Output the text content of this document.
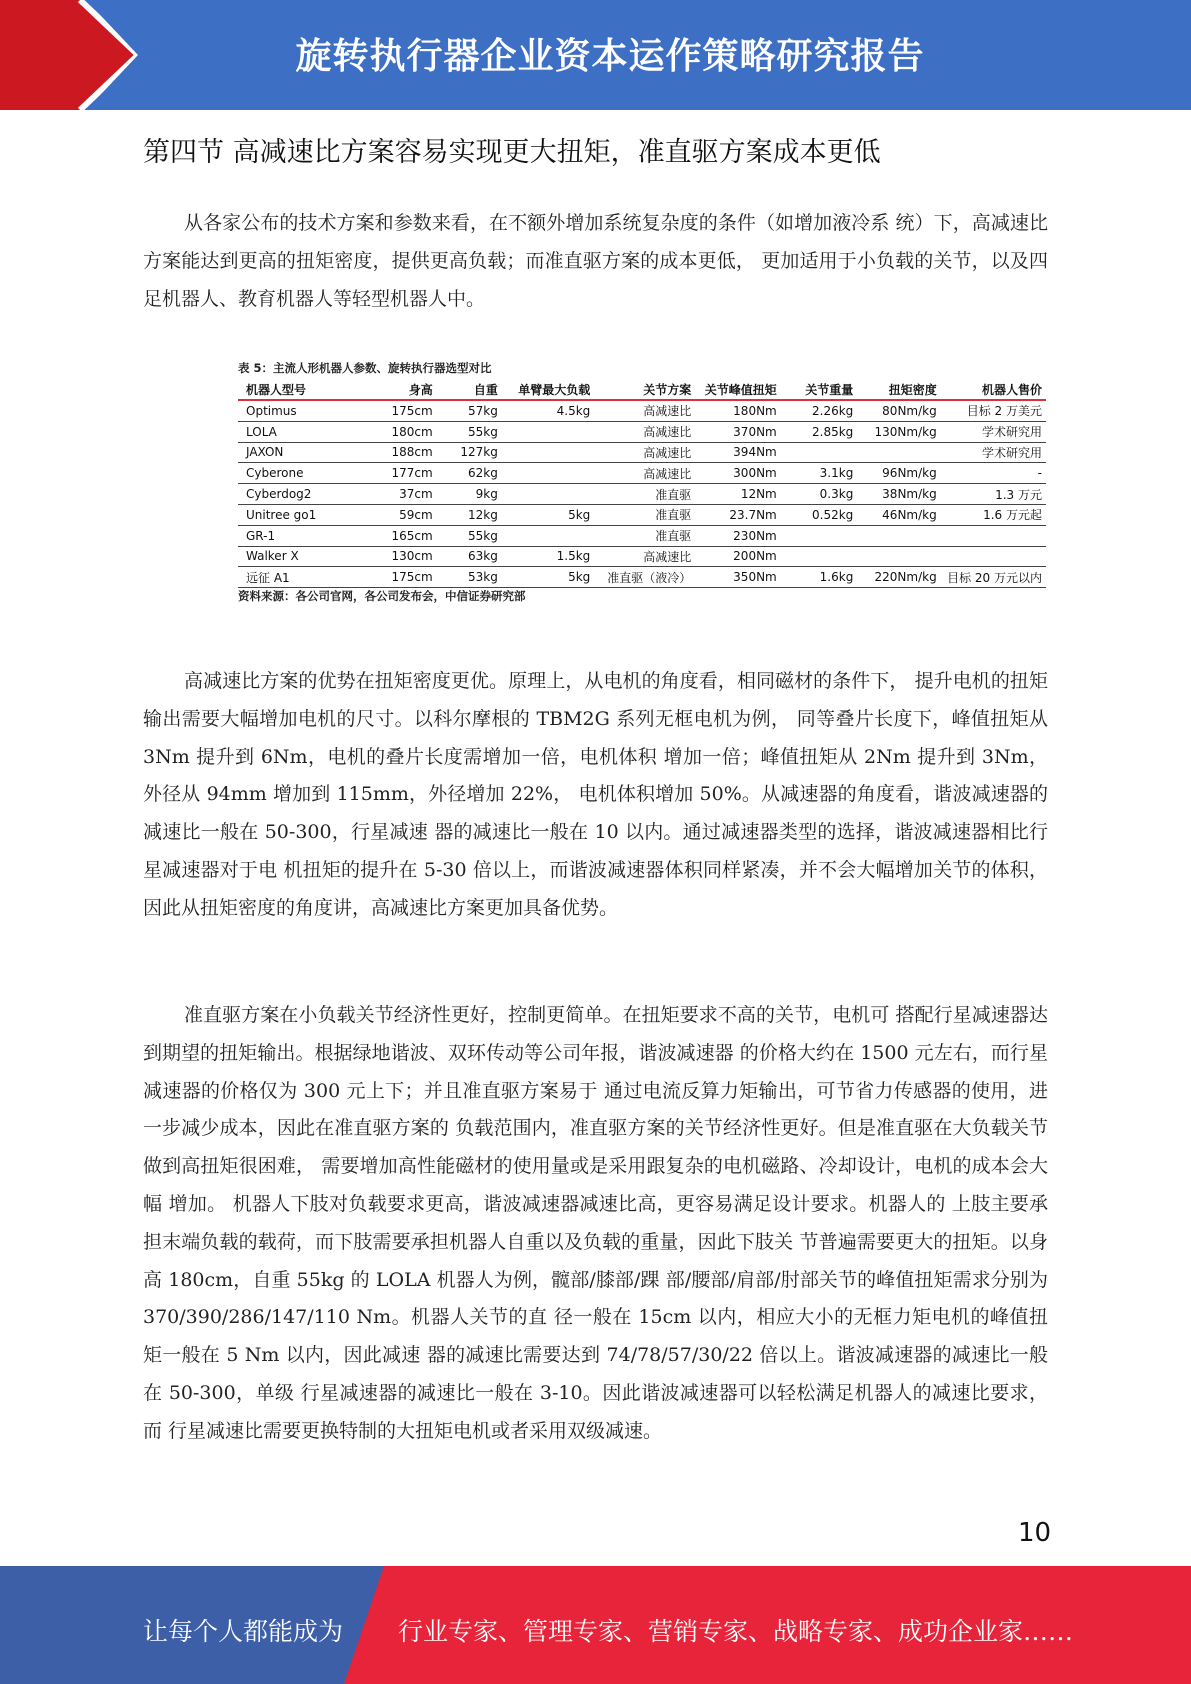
旋转执行器企业资本运作策略研究报告
第四节 高减速比方案容易实现更大扭矩，准直驱方案成本更低

从各家公布的技术方案和参数来看，在不额外增加系统复杂度的条件（如增加液冷系 统）下，高减速比方案能达到更高的扭矩密度，提供更高负载；而准直驱方案的成本更低， 更加适用于小负载的关节，以及四足机器人、教育机器人等轻型机器人中。

表 5：主流人形机器人参数、旋转执行器选型对比
机器人型号	身高	自重	单臂最大负载	关节方案	关节峰值扭矩	关节重量	扭矩密度	机器人售价
Optimus	175cm	57kg	4.5kg	高减速比	180Nm	2.26kg	80Nm/kg	目标 2 万美元
LOLA	180cm	55kg		高减速比	370Nm	2.85kg	130Nm/kg	学术研究用
JAXON	188cm	127kg		高减速比	394Nm			学术研究用
Cyberone	177cm	62kg		高减速比	300Nm	3.1kg	96Nm/kg	-
Cyberdog2	37cm	9kg		准直驱	12Nm	0.3kg	38Nm/kg	1.3 万元
Unitree go1	59cm	12kg	5kg	准直驱	23.7Nm	0.52kg	46Nm/kg	1.6 万元起
GR-1	165cm	55kg		准直驱	230Nm			
Walker X	130cm	63kg	1.5kg	高减速比	200Nm			
远征 A1	175cm	53kg	5kg	准直驱（液冷）	350Nm	1.6kg	220Nm/kg	目标 20 万元以内
资料来源：各公司官网，各公司发布会，中信证券研究部

高减速比方案的优势在扭矩密度更优。原理上，从电机的角度看，相同磁材的条件下， 提升电机的扭矩输出需要大幅增加电机的尺寸。以科尔摩根的 TBM2G 系列无框电机为例， 同等叠片长度下，峰值扭矩从 3Nm 提升到 6Nm，电机的叠片长度需增加一倍，电机体积 增加一倍；峰值扭矩从 2Nm 提升到 3Nm，外径从 94mm 增加到 115mm，外径增加 22%， 电机体积增加 50%。从减速器的角度看，谐波减速器的减速比一般在 50-300，行星减速 器的减速比一般在 10 以内。通过减速器类型的选择，谐波减速器相比行星减速器对于电 机扭矩的提升在 5-30 倍以上，而谐波减速器体积同样紧凑，并不会大幅增加关节的体积， 因此从扭矩密度的角度讲，高减速比方案更加具备优势。

准直驱方案在小负载关节经济性更好，控制更简单。在扭矩要求不高的关节，电机可 搭配行星减速器达到期望的扭矩输出。根据绿地谐波、双环传动等公司年报，谐波减速器 的价格大约在 1500 元左右，而行星减速器的价格仅为 300 元上下；并且准直驱方案易于 通过电流反算力矩输出，可节省力传感器的使用，进一步减少成本，因此在准直驱方案的 负载范围内，准直驱方案的关节经济性更好。但是准直驱在大负载关节做到高扭矩很困难， 需要增加高性能磁材的使用量或是采用跟复杂的电机磁路、冷却设计，电机的成本会大幅 增加。 机器人下肢对负载要求更高，谐波减速器减速比高，更容易满足设计要求。机器人的 上肢主要承担末端负载的载荷，而下肢需要承担机器人自重以及负载的重量，因此下肢关 节普遍需要更大的扭矩。以身高 180cm，自重 55kg 的 LOLA 机器人为例，髋部/膝部/踝 部/腰部/肩部/肘部关节的峰值扭矩需求分别为 370/390/286/147/110 Nm。机器人关节的直 径一般在 15cm 以内，相应大小的无框力矩电机的峰值扭矩一般在 5 Nm 以内，因此减速 器的减速比需要达到 74/78/57/30/22 倍以上。谐波减速器的减速比一般在 50-300，单级 行星减速器的减速比一般在 3-10。因此谐波减速器可以轻松满足机器人的减速比要求，而 行星减速比需要更换特制的大扭矩电机或者采用双级减速。

10
让每个人都能成为 行业专家、管理专家、营销专家、战略专家、成功企业家……
